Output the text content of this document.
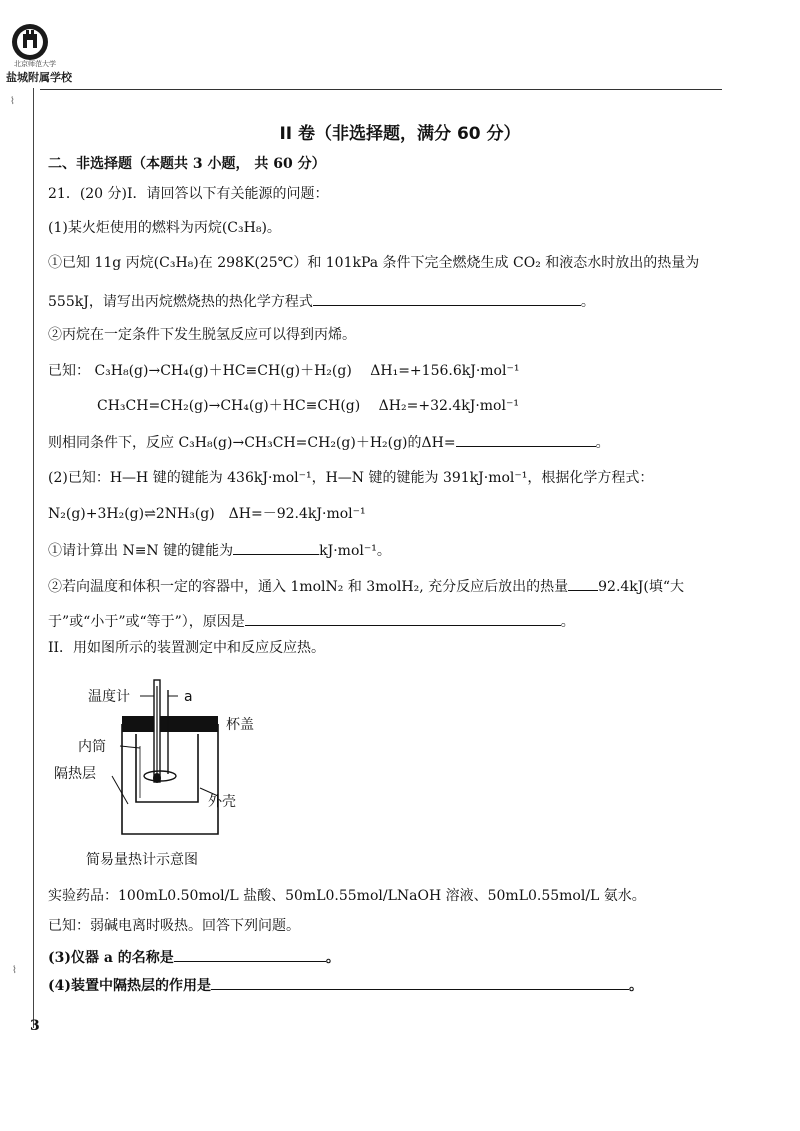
北京师范大学
盐城附属学校
⌇
⌇
II 卷（非选择题，满分 60 分）
二、非选择题（本题共 3 小题， 共 60 分）
21．(20 分)I．请回答以下有关能源的问题：
(1)某火炬使用的燃料为丙烷(C₃H₈)。
①已知 11g 丙烷(C₃H₈)在 298K(25℃）和 101kPa 条件下完全燃烧生成 CO₂ 和液态水时放出的热量为
555kJ，请写出丙烷燃烧热的热化学方程式	。
②丙烷在一定条件下发生脱氢反应可以得到丙烯。
已知： C₃H₈(g)→CH₄(g)＋HC≡CH(g)＋H₂(g) ΔH₁=+156.6kJ·mol⁻¹
CH₃CH=CH₂(g)→CH₄(g)＋HC≡CH(g) ΔH₂=+32.4kJ·mol⁻¹
则相同条件下，反应 C₃H₈(g)→CH₃CH=CH₂(g)＋H₂(g)的ΔH=	。
(2)已知：H—H 键的键能为 436kJ·mol⁻¹，H—N 键的键能为 391kJ·mol⁻¹，根据化学方程式：
N₂(g)+3H₂(g)⇌2NH₃(g)　ΔH=－92.4kJ·mol⁻¹
①请计算出 N≡N 键的键能为	kJ·mol⁻¹。
②若向温度和体积一定的容器中，通入 1molN₂ 和 3molH₂, 充分反应后放出的热量 92.4kJ(填“大
于”或“小于”或“等于”），原因是	。
II．用如图所示的装置测定中和反应反应热。
温度计	a
杯盖
内筒
隔热层
外壳
简易量热计示意图
实验药品：100mL0.50mol/L 盐酸、50mL0.55mol/LNaOH 溶液、50mL0.55mol/L 氨水。
已知：弱碱电离时吸热。回答下列问题。
(3)仪器 a 的名称是	。
(4)装置中隔热层的作用是	。
3
